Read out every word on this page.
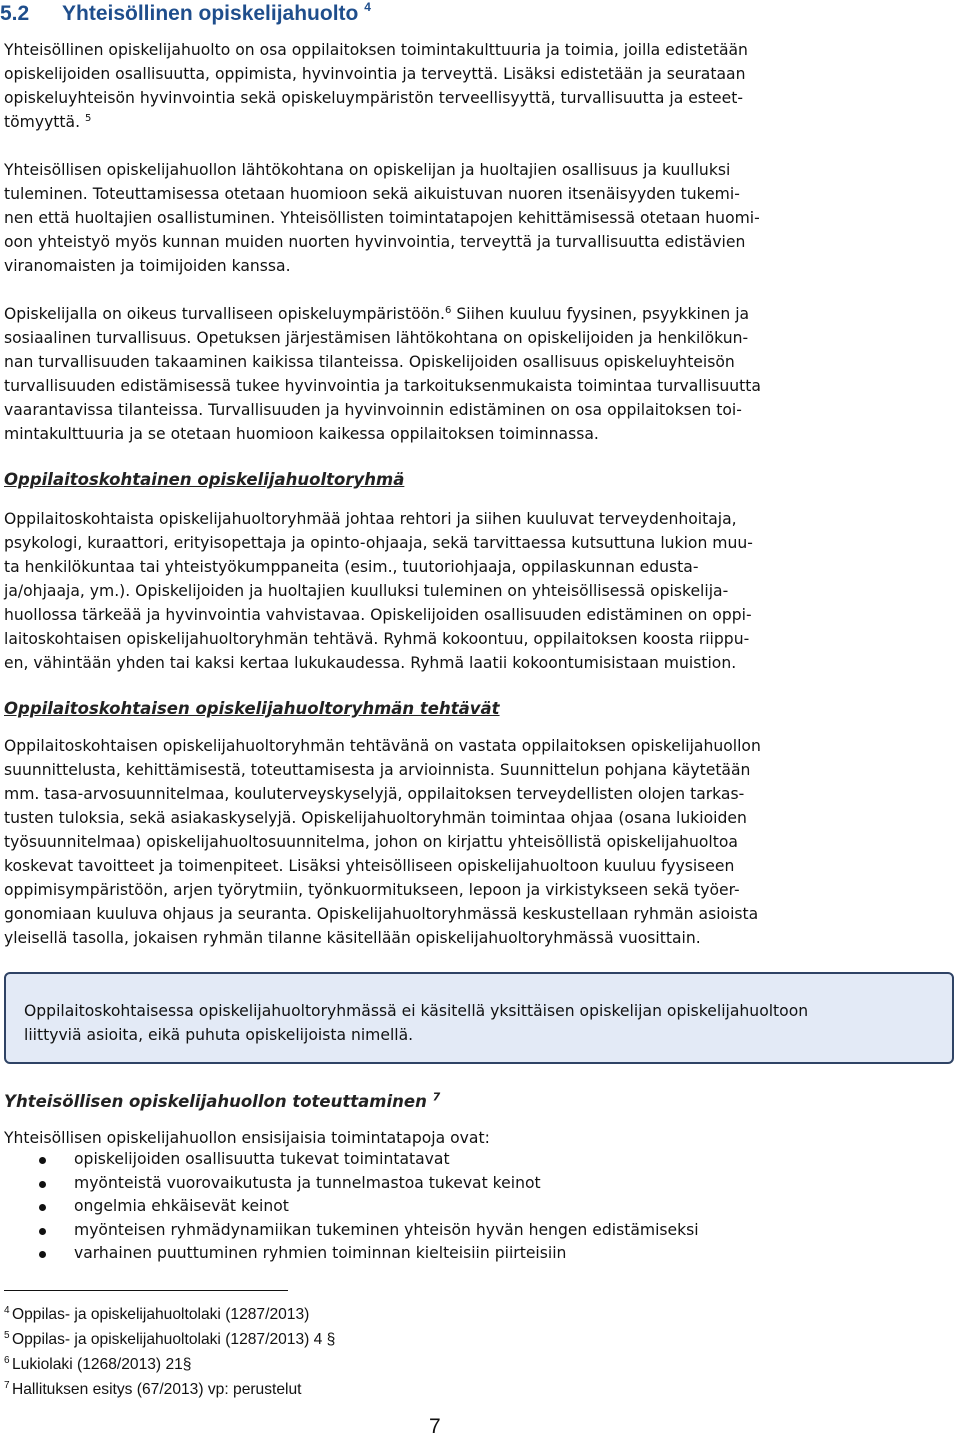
5.2 Yhteisöllinen opiskelijahuolto $^4$

Yhteisöllinen opiskelijahuolto on osa oppilaitoksen toimintakulttuuria ja toimia, joilla edistetään
opiskelijoiden osallisuutta, oppimista, hyvinvointia ja terveyttä. Lisäksi edistetään ja seurataan
opiskeluyhteisön hyvinvointia sekä opiskeluympäristön terveellisyyttä, turvallisuutta ja esteet-
tömyyttä. $^5$

Yhteisöllisen opiskelijahuollon lähtökohtana on opiskelijan ja huoltajien osallisuus ja kuulluksi
tuleminen. Toteuttamisessa otetaan huomioon sekä aikuistuvan nuoren itsenäisyyden tukemi-
nen että huoltajien osallistuminen. Yhteisöllisten toimintatapojen kehittämisessä otetaan huomi-
oon yhteistyö myös kunnan muiden nuorten hyvinvointia, terveyttä ja turvallisuutta edistävien
viranomaisten ja toimijoiden kanssa.

Opiskelijalla on oikeus turvalliseen opiskeluympäristöön.$^6$ Siihen kuuluu fyysinen, psyykkinen ja
sosiaalinen turvallisuus. Opetuksen järjestämisen lähtökohtana on opiskelijoiden ja henkilökun-
nan turvallisuuden takaaminen kaikissa tilanteissa. Opiskelijoiden osallisuus opiskeluyhteisön
turvallisuuden edistämisessä tukee hyvinvointia ja tarkoituksenmukaista toimintaa turvallisuutta
vaarantavissa tilanteissa. Turvallisuuden ja hyvinvoinnin edistäminen on osa oppilaitoksen toi-
mintakulttuuria ja se otetaan huomioon kaikessa oppilaitoksen toiminnassa.

Oppilaitoskohtainen opiskelijahuoltoryhmä

Oppilaitoskohtaista opiskelijahuoltoryhmää johtaa rehtori ja siihen kuuluvat terveydenhoitaja,
psykologi, kuraattori, erityisopettaja ja opinto-ohjaaja, sekä tarvittaessa kutsuttuna lukion muu-
ta henkilökuntaa tai yhteistyökumppaneita (esim., tuutoriohjaaja, oppilaskunnan edusta-
ja/ohjaaja, ym.). Opiskelijoiden ja huoltajien kuulluksi tuleminen on yhteisöllisessä opiskelija-
huollossa tärkeää ja hyvinvointia vahvistavaa. Opiskelijoiden osallisuuden edistäminen on oppi-
laitoskohtaisen opiskelijahuoltoryhmän tehtävä. Ryhmä kokoontuu, oppilaitoksen koosta riippu-
en, vähintään yhden tai kaksi kertaa lukukaudessa. Ryhmä laatii kokoontumisistaan muistion.

Oppilaitoskohtaisen opiskelijahuoltoryhmän tehtävät

Oppilaitoskohtaisen opiskelijahuoltoryhmän tehtävänä on vastata oppilaitoksen opiskelijahuollon
suunnittelusta, kehittämisestä, toteuttamisesta ja arvioinnista. Suunnittelun pohjana käytetään
mm. tasa-arvosuunnitelmaa, kouluterveyskyselyjä, oppilaitoksen terveydellisten olojen tarkas-
tusten tuloksia, sekä asiakaskyselyjä. Opiskelijahuoltoryhmän toimintaa ohjaa (osana lukioiden
työsuunnitelmaa) opiskelijahuoltosuunnitelma, johon on kirjattu yhteisöllistä opiskelijahuoltoa
koskevat tavoitteet ja toimenpiteet. Lisäksi yhteisölliseen opiskelijahuoltoon kuuluu fyysiseen
oppimisympäristöön, arjen työrytmiin, työnkuormitukseen, lepoon ja virkistykseen sekä työer-
gonomiaan kuuluva ohjaus ja seuranta. Opiskelijahuoltoryhmässä keskustellaan ryhmän asioista
yleisellä tasolla, jokaisen ryhmän tilanne käsitellään opiskelijahuoltoryhmässä vuosittain.

Oppilaitoskohtaisessa opiskelijahuoltoryhmässä ei käsitellä yksittäisen opiskelijan opiskelijahuoltoon
liittyviä asioita, eikä puhuta opiskelijoista nimellä.
Yhteisöllisen opiskelijahuollon toteuttaminen $^7$

Yhteisöllisen opiskelijahuollon ensisijaisia toimintatapoja ovat:

opiskelijoiden osallisuutta tukevat toimintatavat
myönteistä vuorovaikutusta ja tunnelmastoa tukevat keinot
ongelmia ehkäisevät keinot
myönteisen ryhmädynamiikan tukeminen yhteisön hyvän hengen edistämiseksi
varhainen puuttuminen ryhmien toiminnan kielteisiin piirteisiin
$^4$ Oppilas- ja opiskelijahuoltolaki (1287/2013)
$^5$ Oppilas- ja opiskelijahuoltolaki (1287/2013) 4 §
$^6$ Lukiolaki (1268/2013) 21§
$^7$ Hallituksen esitys (67/2013) vp: perustelut

7
